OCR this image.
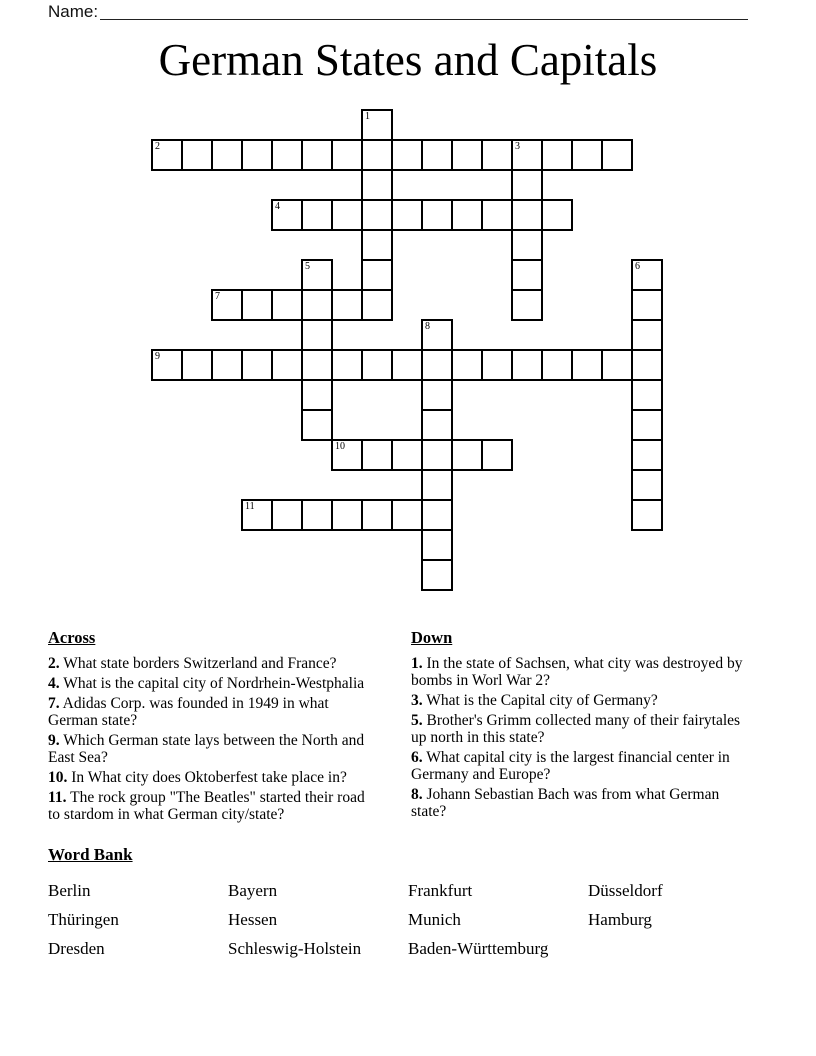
Name:
German States and Capitals
1
2	3
4
5	6
7
8
9
10
11
Across

2. What state borders Switzerland and France?

4. What is the capital city of Nordrhein-Westphalia

7. Adidas Corp. was founded in 1949 in what German state?

9. Which German state lays between the North and East Sea?

10. In What city does Oktoberfest take place in?

11. The rock group "The Beatles" started their road to stardom in what German city/state?

Down

1. In the state of Sachsen, what city was destroyed by bombs in Worl War 2?

3. What is the Capital city of Germany?

5. Brother's Grimm collected many of their fairytales up north in this state?

6. What capital city is the largest financial center in Germany and Europe?

8. Johann Sebastian Bach was from what German state?

Word Bank
Berlin	Bayern	Frankfurt	Düsseldorf
Thüringen	Hessen	Munich	Hamburg
Dresden	Schleswig-Holstein	Baden-Württemburg
